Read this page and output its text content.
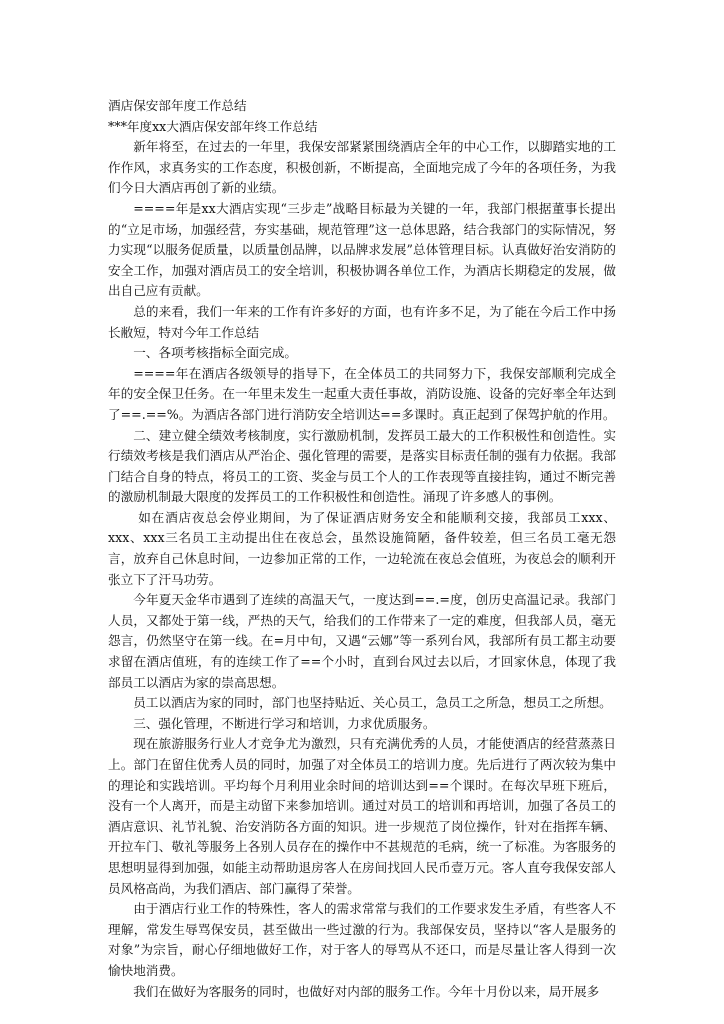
酒店保安部年度工作总结

***年度xx大酒店保安部年终工作总结

新年将至，在过去的一年里，我保安部紧紧围绕酒店全年的中心工作，以脚踏实地的工作作风，求真务实的工作态度，积极创新，不断提高，全面地完成了今年的各项任务，为我们今日大酒店再创了新的业绩。

====年是xx大酒店实现“三步走”战略目标最为关键的一年，我部门根据董事长提出的“立足市场，加强经营，夯实基础，规范管理”这一总体思路，结合我部门的实际情况，努力实现“以服务促质量，以质量创品牌，以品牌求发展”总体管理目标。认真做好治安消防的安全工作，加强对酒店员工的安全培训，积极协调各单位工作，为酒店长期稳定的发展，做出自己应有贡献。

总的来看，我们一年来的工作有许多好的方面，也有许多不足，为了能在今后工作中扬长敝短，特对今年工作总结

一、各项考核指标全面完成。

====年在酒店各级领导的指导下，在全体员工的共同努力下，我保安部顺利完成全年的安全保卫任务。在一年里未发生一起重大责任事故，消防设施、设备的完好率全年达到了==.==%。为酒店各部门进行消防安全培训达==多课时。真正起到了保驾护航的作用。

二、建立健全绩效考核制度，实行激励机制，发挥员工最大的工作积极性和创造性。实行绩效考核是我们酒店从严治企、强化管理的需要，是落实目标责任制的强有力依据。我部门结合自身的特点，将员工的工资、奖金与员工个人的工作表现等直接挂钩，通过不断完善的激励机制最大限度的发挥员工的工作积极性和创造性。涌现了许多感人的事例。

如在酒店夜总会停业期间，为了保证酒店财务安全和能顺利交接，我部员工xxx、xxx、xxx三名员工主动提出住在夜总会，虽然设施简陋，备件较差，但三名员工毫无怨言，放弃自己休息时间，一边参加正常的工作，一边轮流在夜总会值班，为夜总会的顺利开张立下了汗马功劳。

今年夏天金华市遇到了连续的高温天气，一度达到==.=度，创历史高温记录。我部门人员，又都处于第一线，严热的天气，给我们的工作带来了一定的难度，但我部人员，毫无怨言，仍然坚守在第一线。在=月中旬，又遇“云娜”等一系列台风，我部所有员工都主动要求留在酒店值班，有的连续工作了==个小时，直到台风过去以后，才回家休息，体现了我部员工以酒店为家的崇高思想。

员工以酒店为家的同时，部门也坚持贴近、关心员工，急员工之所急，想员工之所想。

三、强化管理，不断进行学习和培训，力求优质服务。

现在旅游服务行业人才竞争尤为激烈，只有充满优秀的人员，才能使酒店的经营蒸蒸日上。部门在留住优秀人员的同时，加强了对全体员工的培训力度。先后进行了两次较为集中的理论和实践培训。平均每个月利用业余时间的培训达到==个课时。在每次早班下班后，没有一个人离开，而是主动留下来参加培训。通过对员工的培训和再培训，加强了各员工的酒店意识、礼节礼貌、治安消防各方面的知识。进一步规范了岗位操作，针对在指挥车辆、开拉车门、敬礼等服务上各别人员存在的操作中不甚规范的毛病，统一了标准。为客服务的思想明显得到加强，如能主动帮助退房客人在房间找回人民币壹万元。客人直夸我保安部人员风格高尚，为我们酒店、部门赢得了荣誉。

由于酒店行业工作的特殊性，客人的需求常常与我们的工作要求发生矛盾，有些客人不理解，常发生辱骂保安员，甚至做出一些过激的行为。我部保安员，坚持以“客人是服务的对象”为宗旨，耐心仔细地做好工作，对于客人的辱骂从不还口，而是尽量让客人得到一次愉快地消费。

我们在做好为客服务的同时，也做好对内部的服务工作。今年十月份以来，局开展多
